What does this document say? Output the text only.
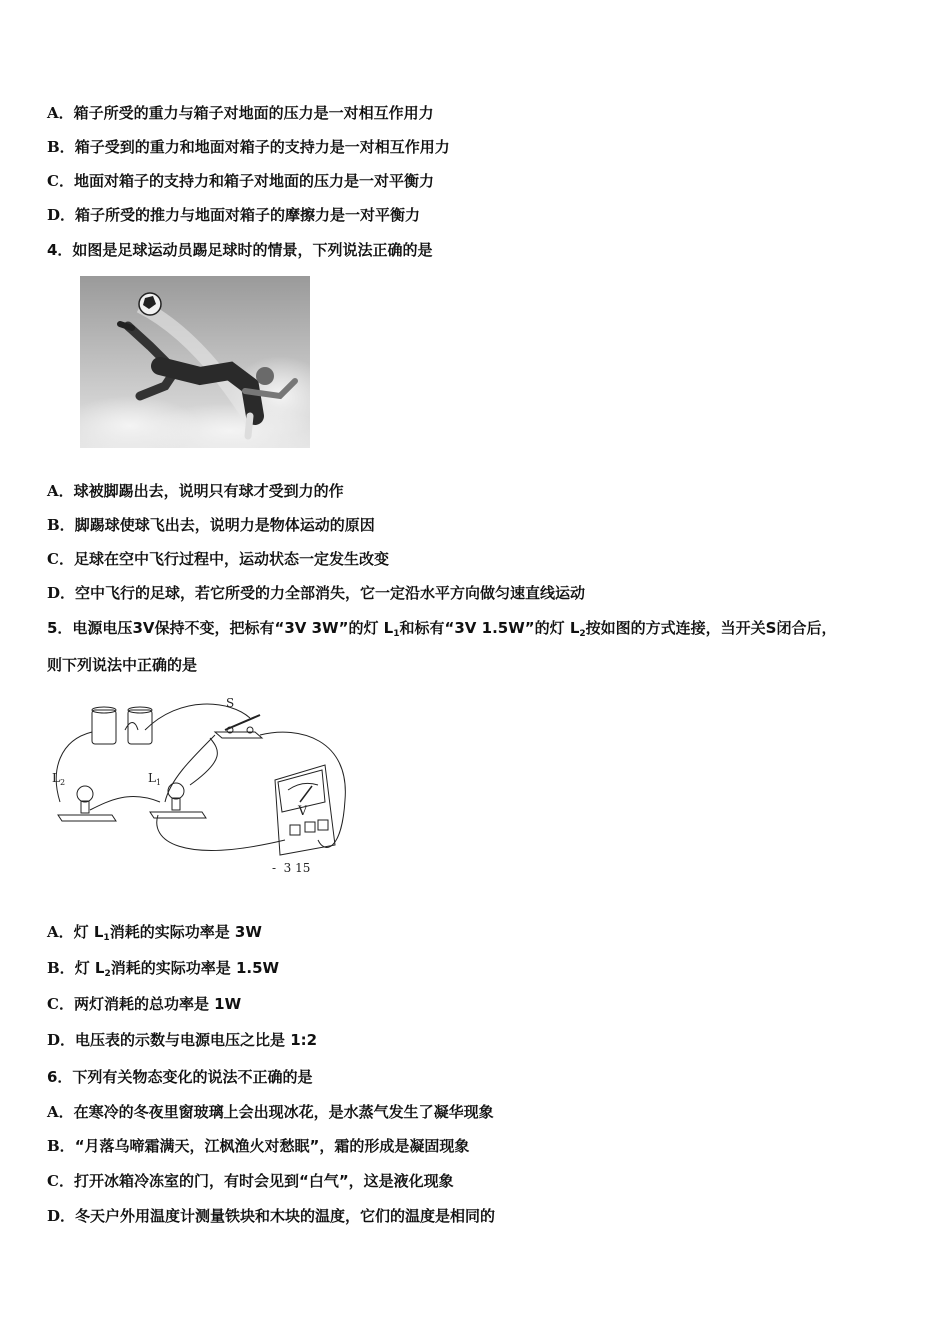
A．箱子所受的重力与箱子对地面的压力是一对相互作用力
B．箱子受到的重力和地面对箱子的支持力是一对相互作用力
C．地面对箱子的支持力和箱子对地面的压力是一对平衡力
D．箱子所受的推力与地面对箱子的摩擦力是一对平衡力
4．如图是足球运动员踢足球时的情景，下列说法正确的是
A．球被脚踢出去，说明只有球才受到力的作
B．脚踢球使球飞出去，说明力是物体运动的原因
C．足球在空中飞行过程中，运动状态一定发生改变
D．空中飞行的足球，若它所受的力全部消失，它一定沿水平方向做匀速直线运动
5．电源电压3V保持不变，把标有“3V 3W”的灯 $L_1$和标有“3V 1.5W”的灯 $L_2$按如图的方式连接，当开关S闭合后，
则下列说法中正确的是
S
$L_2$	$L_1$
V
-  3 15
A．灯 $L_1$消耗的实际功率是 3W
B．灯 $L_2$消耗的实际功率是 1.5W
C．两灯消耗的总功率是 1W
D．电压表的示数与电源电压之比是 1:2
6．下列有关物态变化的说法不正确的是
A．在寒冷的冬夜里窗玻璃上会出现冰花，是水蒸气发生了凝华现象
B．“月落乌啼霜满天，江枫渔火对愁眠”，霜的形成是凝固现象
C．打开冰箱冷冻室的门，有时会见到“白气”，这是液化现象
D．冬天户外用温度计测量铁块和木块的温度，它们的温度是相同的
